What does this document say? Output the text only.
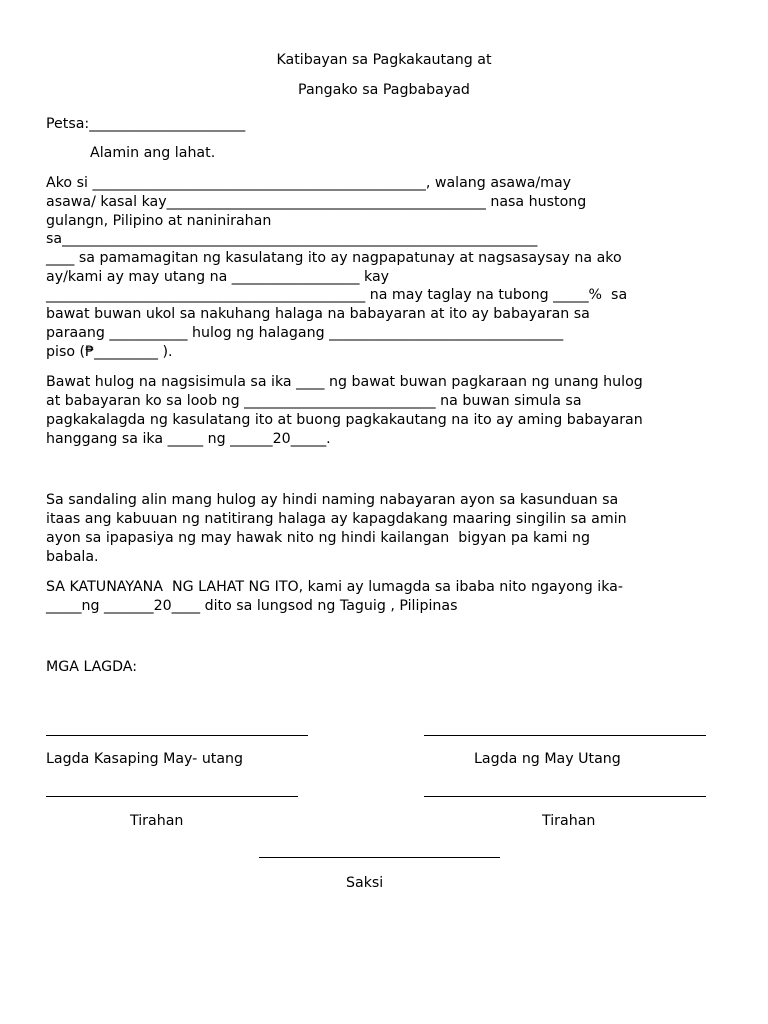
Katibayan sa Pagkakautang at

Pangako sa Pagbabayad

Petsa:______________________

Alamin ang lahat.

Ako si _______________________________________________, walang asawa/may

asawa/ kasal kay_____________________________________________ nasa hustong

gulangn, Pilipino at naninirahan

sa___________________________________________________________________

____ sa pamamagitan ng kasulatang ito ay nagpapatunay at nagsasaysay na ako

ay/kami ay may utang na __________________ kay

_____________________________________________ na may taglay na tubong _____%  sa

bawat buwan ukol sa nakuhang halaga na babayaran at ito ay babayaran sa

paraang ___________ hulog ng halagang _________________________________

piso (₱_________ ).

Bawat hulog na nagsisimula sa ika ____ ng bawat buwan pagkaraan ng unang hulog

at babayaran ko sa loob ng ___________________________ na buwan simula sa

pagkakalagda ng kasulatang ito at buong pagkakautang na ito ay aming babayaran

hanggang sa ika _____ ng ______20_____.

Sa sandaling alin mang hulog ay hindi naming nabayaran ayon sa kasunduan sa

itaas ang kabuuan ng natitirang halaga ay kapagdakang maaring singilin sa amin

ayon sa ipapasiya ng may hawak nito ng hindi kailangan  bigyan pa kami ng

babala.

SA KATUNAYANA  NG LAHAT NG ITO, kami ay lumagda sa ibaba nito ngayong ika-

_____ng _______20____ dito sa lungsod ng Taguig , Pilipinas

MGA LAGDA:

Lagda Kasaping May- utang	Lagda ng May Utang

Tirahan	Tirahan

Saksi
